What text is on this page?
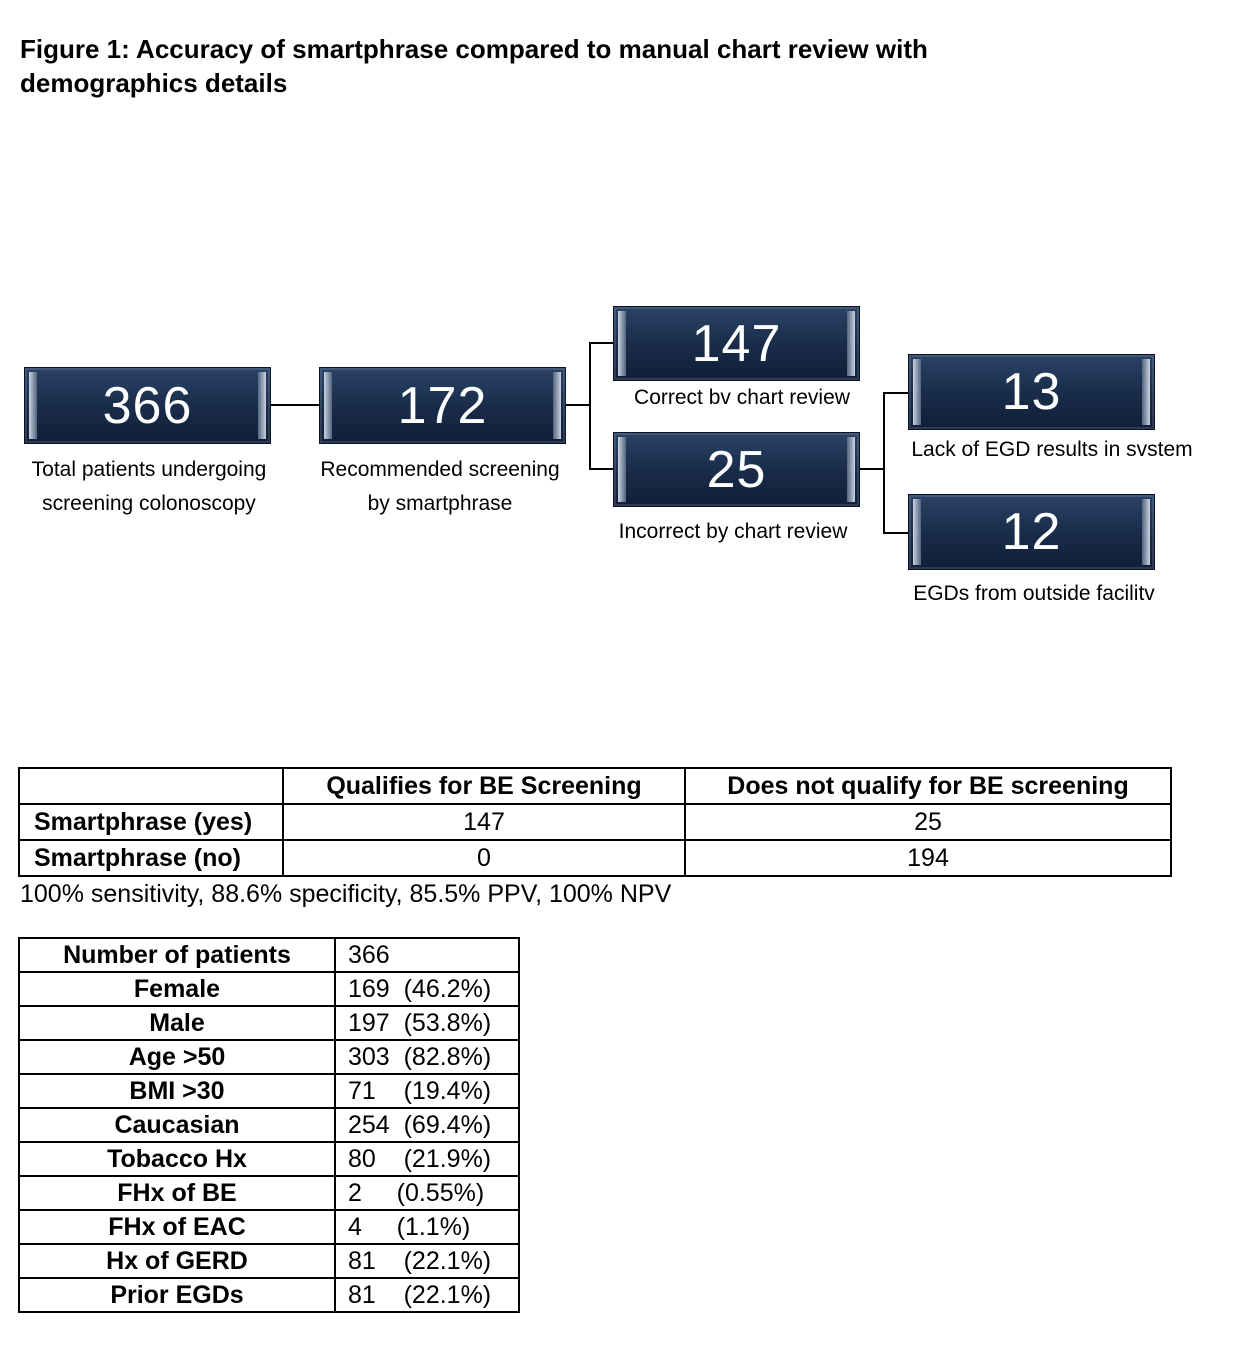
Figure 1: Accuracy of smartphrase compared to manual chart review with demographics details
366
Total patients undergoing
screening colonoscopy
172
Recommended screening
by smartphrase
147
Correct bv chart review
25
Incorrect by chart review
13
Lack of EGD results in svstem
12
EGDs from outside facilitv
	Qualifies for BE Screening	Does not qualify for BE screening
Smartphrase (yes)	147	25
Smartphrase (no)	0	194
100% sensitivity, 88.6% specificity, 85.5% PPV, 100% NPV
Number of patients	366
Female	169  (46.2%)
Male	197  (53.8%)
Age >50	303  (82.8%)
BMI >30	71    (19.4%)
Caucasian	254  (69.4%)
Tobacco Hx	80    (21.9%)
FHx of BE	2     (0.55%)
FHx of EAC	4     (1.1%)
Hx of GERD	81    (22.1%)
Prior EGDs	81    (22.1%)
